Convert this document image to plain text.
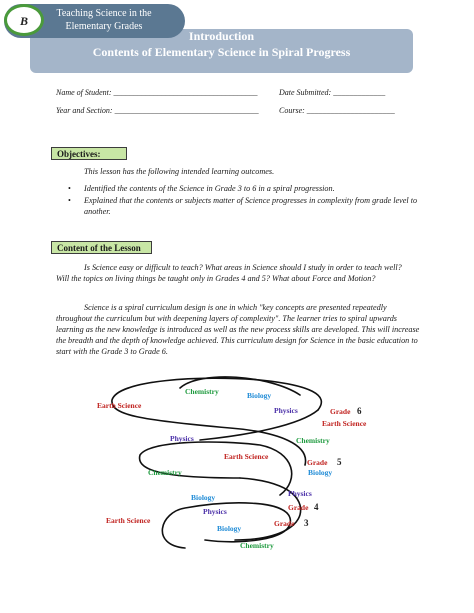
Introduction
Contents of Elementary Science in Spiral Progress
Teaching Science in the
Elementary Grades
B
Name of Student: ____________________________________	Date Submitted: _____________
Year and Section: ____________________________________	Course: ______________________
Objectives:
This lesson has the following intended learning outcomes.
• Identified the contents of the Science in Grade 3 to 6 in a spiral progression.
• Explained that the contents or subjects matter of Science progresses in complexity from grade level to another.
Content of the Lesson
Is Science easy or difficult to teach? What areas in Science should I study in order to teach well? Will the topics on living things be taught only in Grades 4 and 5? What about Force and Motion?
Science is a spiral curriculum design is one in which "key concepts are presented repeatedly throughout the curriculum but with deepening layers of complexity". The learner tries to spiral upwards learning as the new knowledge is introduced as well as the new process skills are developed. This will increase the breadth and the depth of knowledge achieved. This curriculum design for Science in the basic education to start with the Grade 3 to Grade 6.
Chemistry	Biology
Physics
Earth Science
Grade 6
Earth Science
Physics	Chemistry
Earth Science
Grade 5
Biology
Chemistry
Biology	Physics
Grade 4
Physics
Earth Science
Biology
Grade 3
Chemistry
